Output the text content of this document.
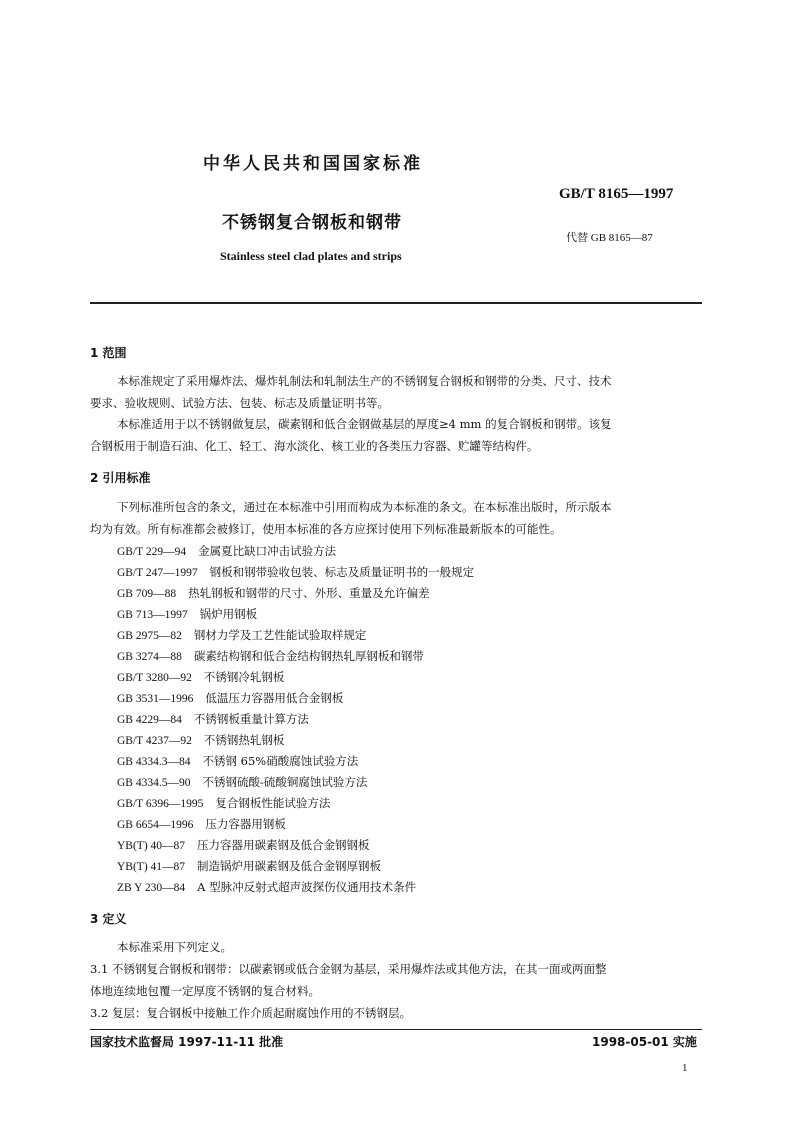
中华人民共和国国家标准
GB/T 8165—1997
不锈钢复合钢板和钢带
代替 GB 8165—87
Stainless steel clad plates and strips
1 范围
本标准规定了采用爆炸法、爆炸轧制法和轧制法生产的不锈钢复合钢板和钢带的分类、尺寸、技术
要求、验收规则、试验方法、包装、标志及质量证明书等。
本标准适用于以不锈钢做复层，碳素钢和低合金钢做基层的厚度≥4 mm 的复合钢板和钢带。该复
合钢板用于制造石油、化工、轻工、海水淡化、核工业的各类压力容器、贮罐等结构件。
2 引用标准
下列标准所包含的条文，通过在本标准中引用而构成为本标准的条文。在本标准出版时，所示版本
均为有效。所有标准都会被修订，使用本标准的各方应探讨使用下列标准最新版本的可能性。
GB/T 229—94 金属夏比缺口冲击试验方法
GB/T 247—1997 钢板和钢带验收包装、标志及质量证明书的一般规定
GB 709—88 热轧钢板和钢带的尺寸、外形、重量及允许偏差
GB 713—1997 锅炉用钢板
GB 2975—82 钢材力学及工艺性能试验取样规定
GB 3274—88 碳素结构钢和低合金结构钢热轧厚钢板和钢带
GB/T 3280—92 不锈钢冷轧钢板
GB 3531—1996 低温压力容器用低合金钢板
GB 4229—84 不锈钢板重量计算方法
GB/T 4237—92 不锈钢热轧钢板
GB 4334.3—84 不锈钢 65%硝酸腐蚀试验方法
GB 4334.5—90 不锈钢硫酸-硫酸铜腐蚀试验方法
GB/T 6396—1995 复合钢板性能试验方法
GB 6654—1996 压力容器用钢板
YB(T) 40—87 压力容器用碳素钢及低合金钢钢板
YB(T) 41—87 制造锅炉用碳素钢及低合金钢厚钢板
ZB Y 230—84 A 型脉冲反射式超声波探伤仪通用技术条件
3 定义
本标准采用下列定义。
3.1 不锈钢复合钢板和钢带：以碳素钢或低合金钢为基层，采用爆炸法或其他方法，在其一面或两面整
体地连续地包覆一定厚度不锈钢的复合材料。
3.2 复层：复合钢板中接触工作介质起耐腐蚀作用的不锈钢层。
国家技术监督局 1997-11-11 批准	1998-05-01 实施
1
